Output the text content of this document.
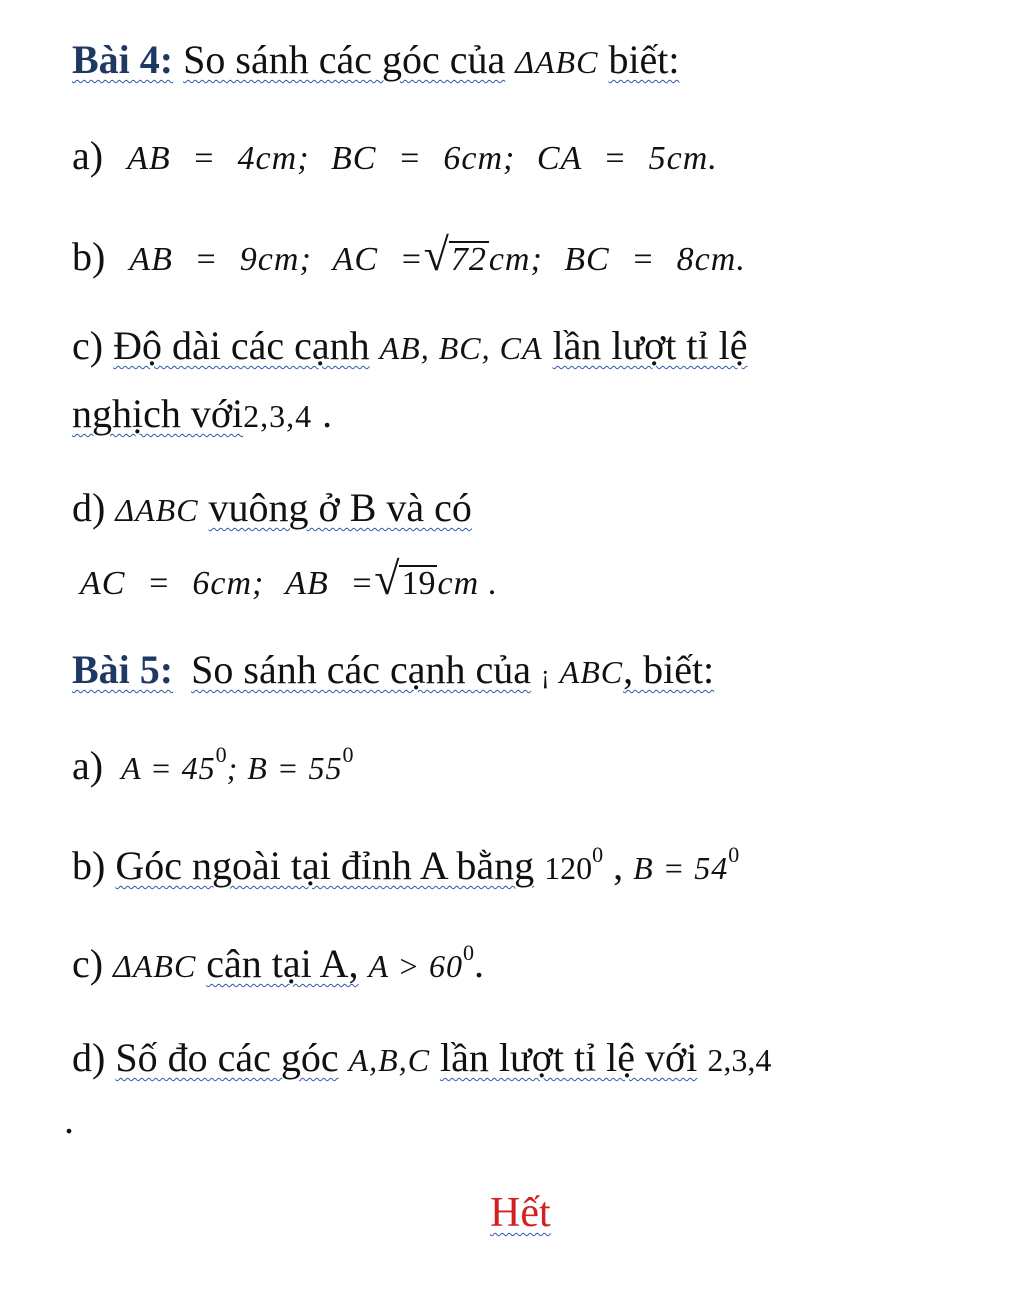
Bài 4: So sánh các góc của ΔABC biết:
a) AB = 4cm; BC = 6cm; CA = 5cm.
b) AB = 9cm; AC =√72cm; BC = 8cm.
c) Độ dài các cạnh AB, BC, CA lần lượt tỉ lệ
nghịch với2,3,4 .
d) ΔABC vuông ở B và có
AC = 6cm; AB =√19cm .
Bài 5: So sánh các cạnh của ¡ ABC, biết:
a) $A = 45^0$; $B = 55^0$
b) Góc ngoài tại đỉnh A bằng $120^0$ , $B = 54^0$
c) ΔABC cân tại A, $A > 60^0$.
d) Số đo các góc A,B,C lần lượt tỉ lệ với 2,3,4
.
Hết
